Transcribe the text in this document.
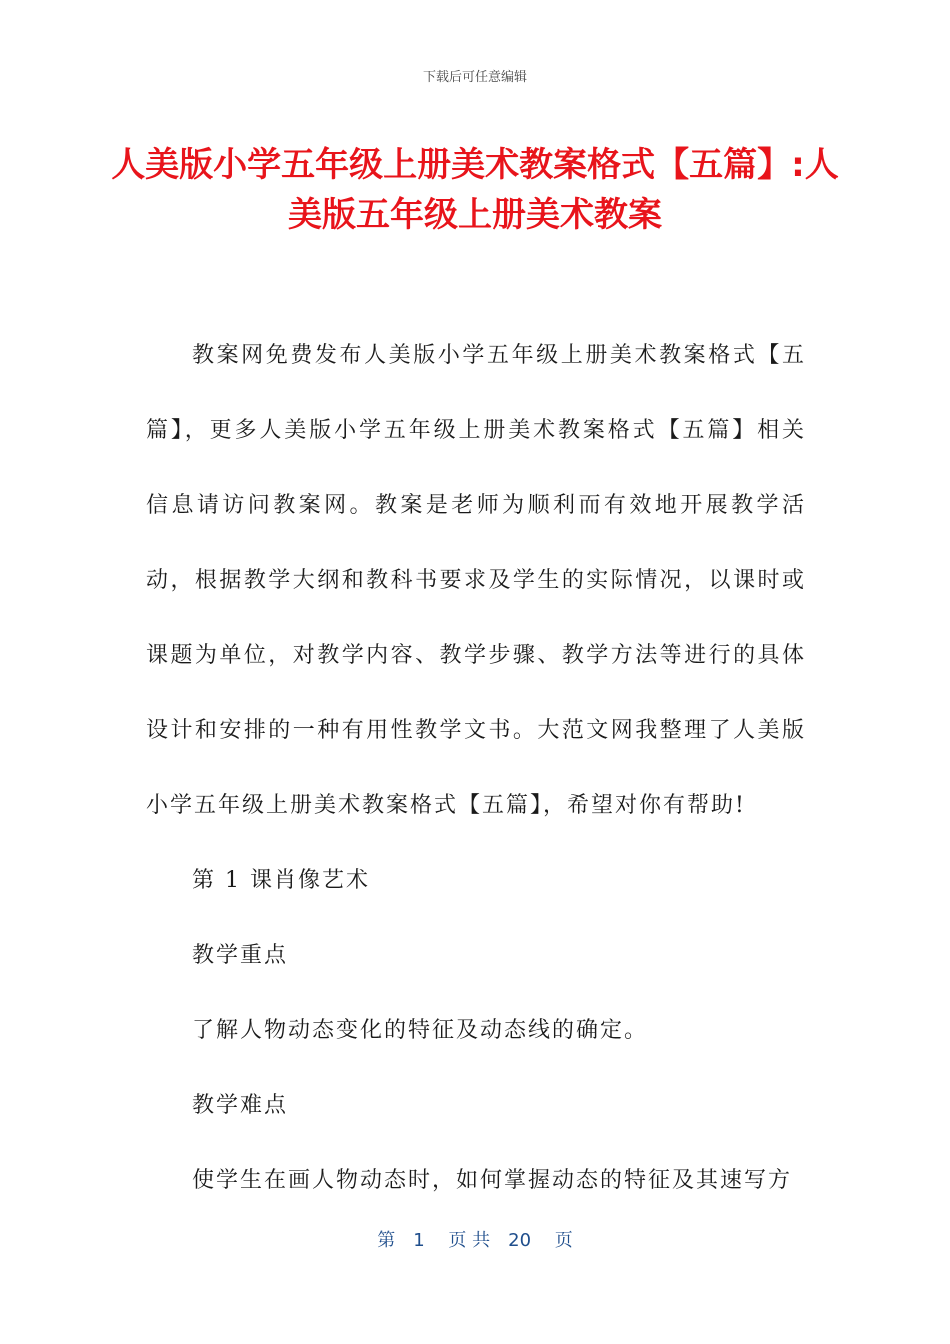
下载后可任意编辑
人美版小学五年级上册美术教案格式【五篇】:人美版五年级上册美术教案

教案网免费发布人美版小学五年级上册美术教案格式【五篇】，更多人美版小学五年级上册美术教案格式【五篇】相关信息请访问教案网。教案是老师为顺利而有效地开展教学活动，根据教学大纲和教科书要求及学生的实际情况，以课时或课题为单位，对教学内容、教学步骤、教学方法等进行的具体设计和安排的一种有用性教学文书。大范文网我整理了人美版小学五年级上册美术教案格式【五篇】，希望对你有帮助!

第 1 课肖像艺术

教学重点

了解人物动态变化的特征及动态线的确定。

教学难点

使学生在画人物动态时，如何掌握动态的特征及其速写方

第　1　 页 共　20　 页
